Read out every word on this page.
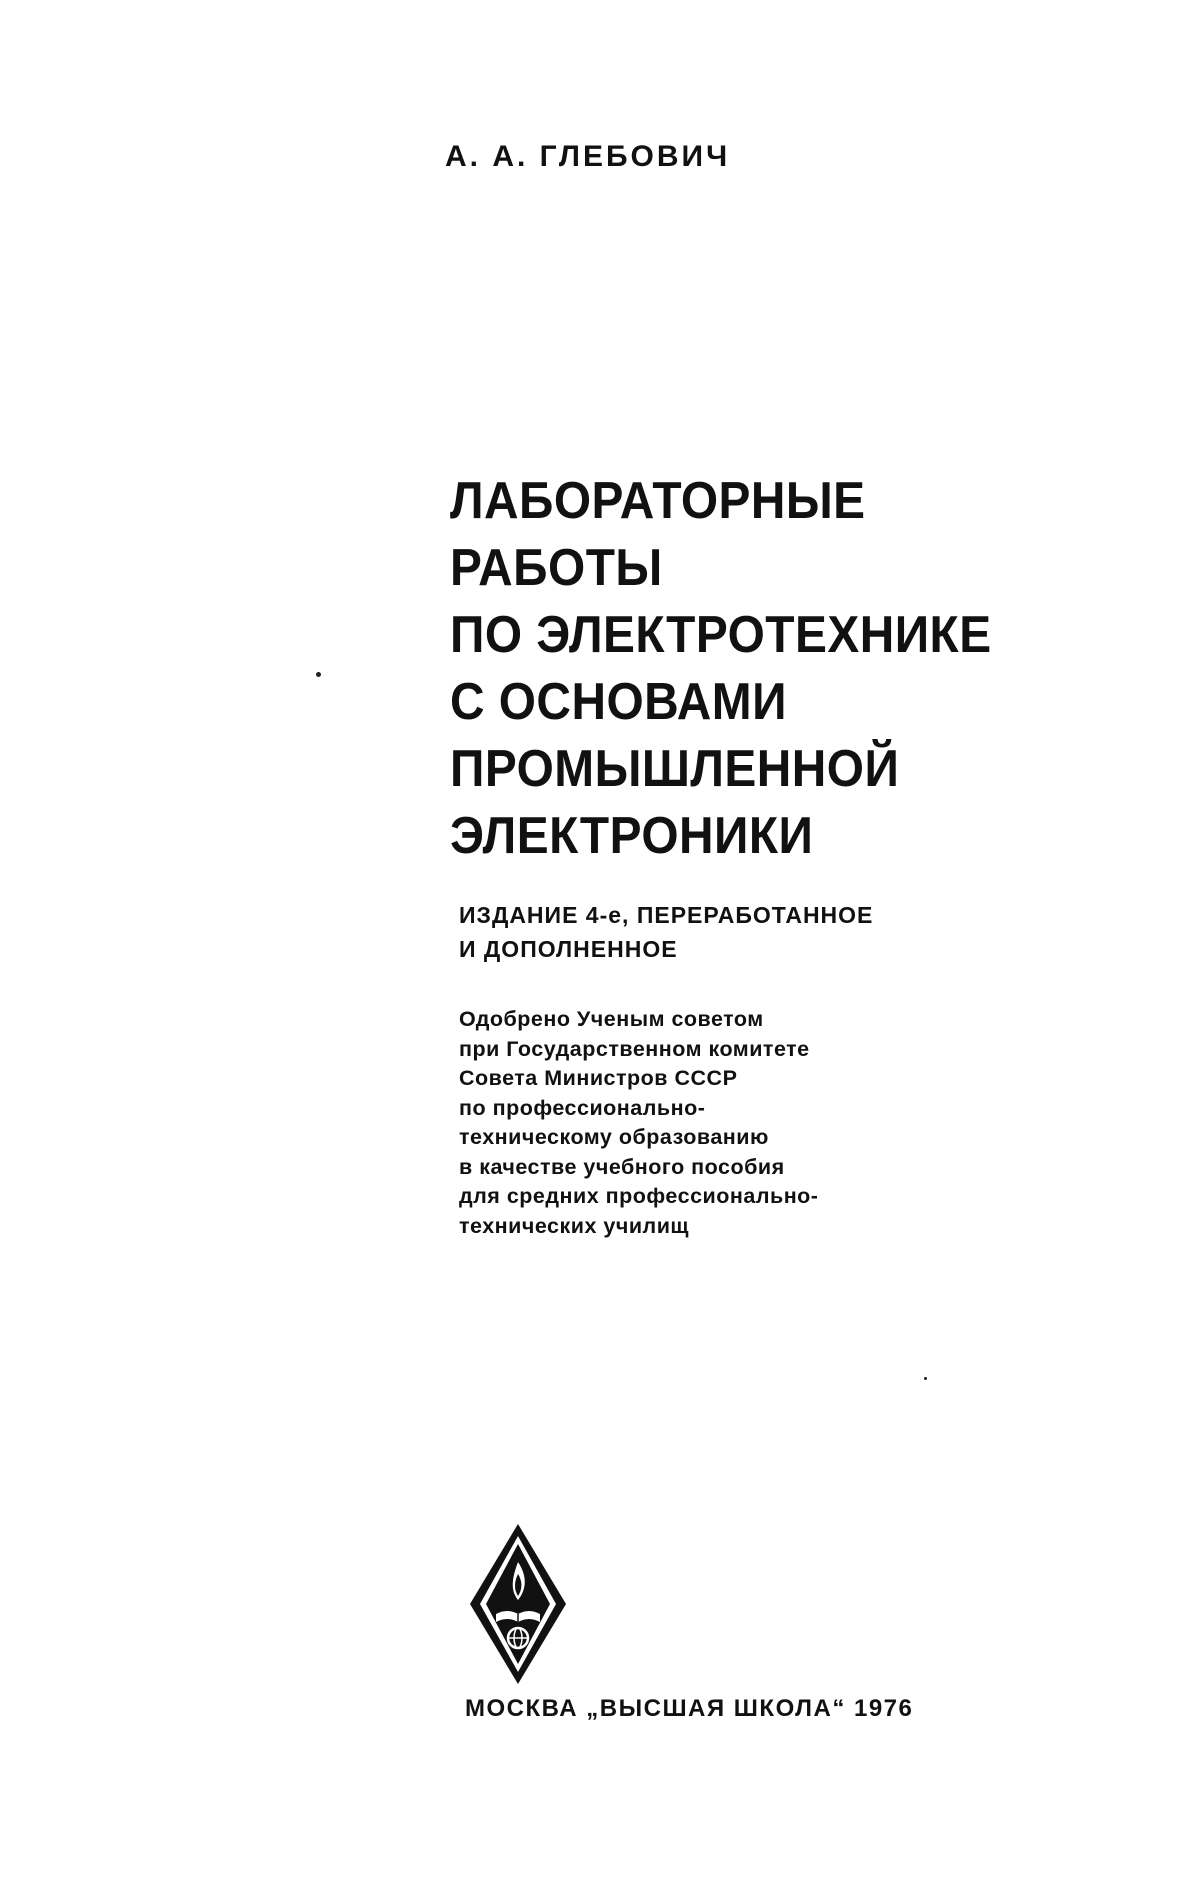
А. А. ГЛЕБОВИЧ
ЛАБОРАТОРНЫЕ
РАБОТЫ
ПО ЭЛЕКТРОТЕХНИКЕ
С ОСНОВАМИ
ПРОМЫШЛЕННОЙ
ЭЛЕКТРОНИКИ
ИЗДАНИЕ 4-е, ПЕРЕРАБОТАННОЕ
И ДОПОЛНЕННОЕ
Одобрено Ученым советом
при Государственном комитете
Совета Министров СССР
по профессионально-
техническому образованию
в качестве учебного пособия
для средних профессионально-
технических училищ
МОСКВА „ВЫСШАЯ ШКОЛА“ 1976
